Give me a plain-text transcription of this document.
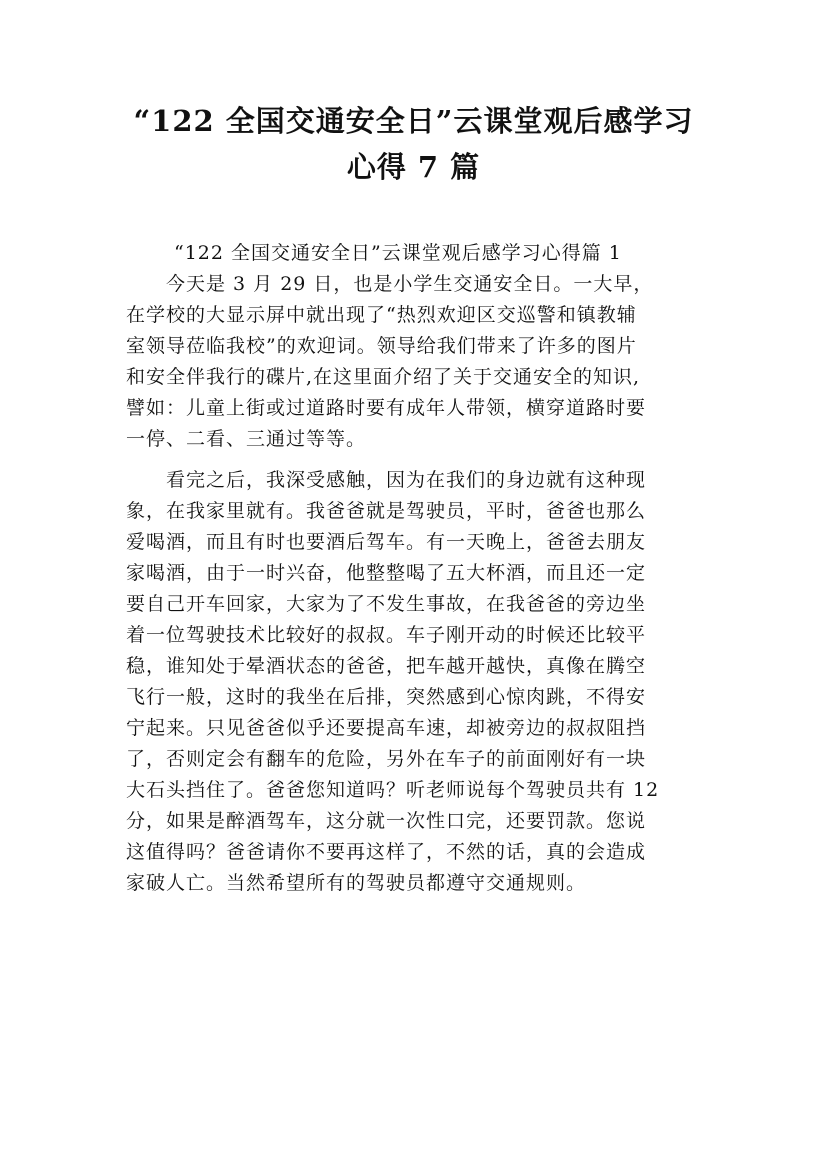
“122 全国交通安全日”云课堂观后感学习
心得 7 篇
“122 全国交通安全日”云课堂观后感学习心得篇 1
今天是 3 月 29 日，也是小学生交通安全日。一大早，
在学校的大显示屏中就出现了“热烈欢迎区交巡警和镇教辅
室领导莅临我校”的欢迎词。领导给我们带来了许多的图片
和安全伴我行的碟片,在这里面介绍了关于交通安全的知识,
譬如：儿童上街或过道路时要有成年人带领，横穿道路时要
一停、二看、三通过等等。
看完之后，我深受感触，因为在我们的身边就有这种现
象，在我家里就有。我爸爸就是驾驶员，平时，爸爸也那么
爱喝酒，而且有时也要酒后驾车。有一天晚上，爸爸去朋友
家喝酒，由于一时兴奋，他整整喝了五大杯酒，而且还一定
要自己开车回家，大家为了不发生事故，在我爸爸的旁边坐
着一位驾驶技术比较好的叔叔。车子刚开动的时候还比较平
稳，谁知处于晕酒状态的爸爸，把车越开越快，真像在腾空
飞行一般，这时的我坐在后排，突然感到心惊肉跳，不得安
宁起来。只见爸爸似乎还要提高车速，却被旁边的叔叔阻挡
了，否则定会有翻车的危险，另外在车子的前面刚好有一块
大石头挡住了。爸爸您知道吗？听老师说每个驾驶员共有 12
分，如果是醉酒驾车，这分就一次性口完，还要罚款。您说
这值得吗？爸爸请你不要再这样了，不然的话，真的会造成
家破人亡。当然希望所有的驾驶员都遵守交通规则。
